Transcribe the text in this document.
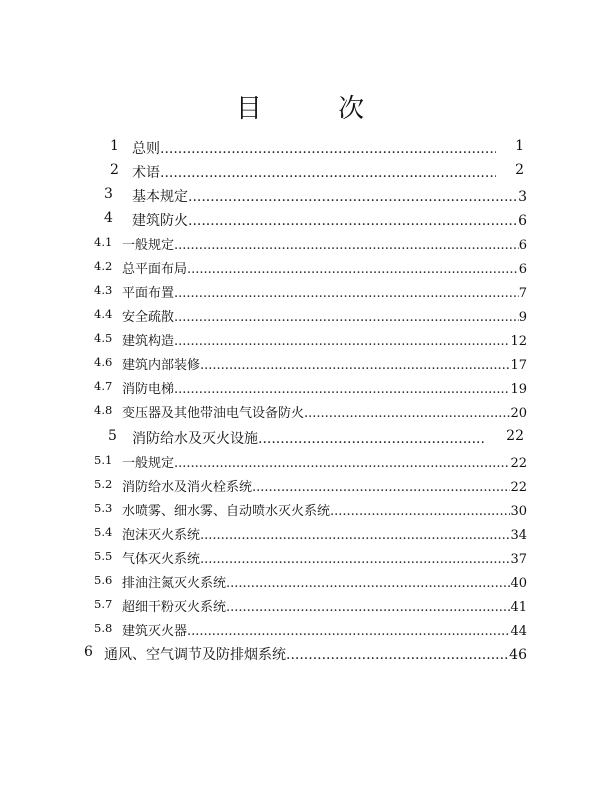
目 次
1 总则 .....	1
2 术语 .....	2
3 基本规定 .....	3
4 建筑防火 .....	6
4.1 一般规定 .....	6
4.2 总平面布局 .....	6
4.3 平面布置 .....	7
4.4 安全疏散 .....	9
4.5 建筑构造 .....	12
4.6 建筑内部装修 .....	17
4.7 消防电梯 .....	19
4.8 变压器及其他带油电气设备防火 .....	20
5 消防给水及灭火设施 .....	22
5.1 一般规定 .....	22
5.2 消防给水及消火栓系统 .....	22
5.3 水喷雾、细水雾、自动喷水灭火系统 .....	30
5.4 泡沫灭火系统 .....	34
5.5 气体灭火系统 .....	37
5.6 排油注氮灭火系统 .....	40
5.7 超细干粉灭火系统 .....	41
5.8 建筑灭火器 .....	44
6 通风、空气调节及防排烟系统 .....	46
